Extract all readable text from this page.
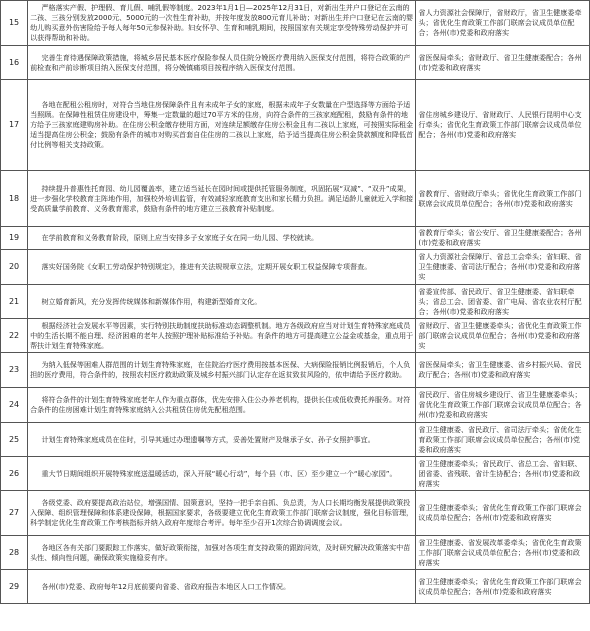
15	严格落实产假、护理假、育儿假、哺乳假等制度。2023年1月1日—2025年12月31日，对新出生并户口登记在云南的二孩、三孩分别发放2000元、5000元的一次性生育补助，并按年度发放800元育儿补助；对新出生并户口登记在云南的婴幼儿购买意外伤害险给予每人每年50元参保补助。妇女怀孕、生育和哺乳期间，按照国家有关规定享受特殊劳动保护并可以获得帮助和补助。	省人力资源社会保障厅，省财政厅，省卫生健康委牵头；省优化生育政策工作部门联席会议成员单位配合；各州(市)党委和政府落实

16	完善生育待遇保障政策措施，将城乡居民基本医疗保险参保人员住院分娩医疗费用纳入医保支付范围，将符合政策的产前检查和产前诊断项目纳入医保支付范围，将分娩镇痛项目按程序纳入医保支付范围。	省医保局牵头；省财政厅、省卫生健康委配合；各州(市)党委和政府落实

17	各地在配租公租房时，对符合当地住房保障条件且有未成年子女的家庭，根据未成年子女数量在户型选择等方面给予适当照顾。在保障性租赁住房建设中，筹集一定数量的超过70平方米的住房，向符合条件的三孩家庭配租，鼓励有条件的地方给予三孩家庭建购房补助。在住房公积金缴存使用方面，对连续足额缴存住房公积金且有二孩以上家庭，可按照实际租金适当提高住房公积金；鼓励有条件的城市对购买首套自住住房的二孩以上家庭，给予适当提高住房公积金贷款额度和降低首付比例等相关支持政策。	省住房城乡建设厅、省财政厅、人民银行昆明中心支行牵头；省优化生育政策工作部门联席会议成员单位配合；各州(市)党委和政府落实

18	持续提升普惠性托育园、幼儿园覆盖率，建立适当延长在园时间或提供托管服务制度，巩固拓展“双减”、“双升”成果，进一步强化学校教育主阵地作用，加强校外培训监管，有效减轻家庭教育支出和家长精力负担。满足适龄儿童就近入学和接受高质量学前教育、义务教育需求，鼓励有条件的地方建立三孩教育补贴制度。	省教育厅、省财政厅牵头；省优化生育政策工作部门联席会议成员单位配合；各州(市)党委和政府落实

19	在学前教育和义务教育阶段，原则上应当安排多子女家庭子女在同一幼儿园、学校就读。	省教育厅牵头；省公安厅、省卫生健康委配合；各州(市)党委和政府落实

20	落实好国务院《女职工劳动保护特别规定》，推进有关法规规章立法，定期开展女职工权益保障专项督查。	省人力资源社会保障厅、省总工会牵头；省妇联、省卫生健康委、省司法厅配合；各州(市)党委和政府落实

21	树立婚育新风，充分发挥传统媒体和新媒体作用，构建新型婚育文化。	省委宣传部、省民政厅、省卫生健康委、省妇联牵头；省总工会、团省委、省广电局、省农业农村厅配合；各州(市)党委和政府落实

22	根据经济社会发展水平等因素，实行特别扶助制度扶助标准动态调整机制。地方各级政府应当对计划生育特殊家庭成员中的生活长期不能自理、经济困难的老年人按照护理补贴标准给予补贴。有条件的地方可提高建立公益金或基金，重点用于帮扶计划生育特殊家庭。	省财政厅、省卫生健康委牵头；省优化生育政策工作部门联席会议成员单位配合；各州(市)党委和政府落实

23	为纳入低保等困难人群范围的计划生育特殊家庭，在住院治疗医疗费用按基本医保、大病保险报销比例报销后，个人负担的医疗费用，符合条件的，按照农村医疗救助政策及城乡村振兴部门认定存在返贫致贫风险的，依申请给予医疗救助。	省医保局牵头；省卫生健康委、省乡村振兴局、省民政厅配合；各州(市)党委和政府落实

24	将符合条件的计划生育特殊家庭老年人作为重点群体，优先安排入住公办养老机构，提供长住或低收费托养服务。对符合条件的住房困难计划生育特殊家庭纳入公共租赁住房优先配租范围。	省民政厅、省住房城乡建设厅、省卫生健康委牵头；省优化生育政策工作部门联席会议成员单位配合；各州(市)党委和政府落实

25	计划生育特殊家庭成员在住时，引导其通过办理遗嘱等方式，妥善处置财产及继承子女、孙子女照护事宜。	省卫生健康委、省民政厅、省司法厅牵头；省优化生育政策工作部门联席会议成员单位配合；各州(市)党委和政府落实

26	重大节日期间组织开展特殊家庭送温暖活动，深入开展“暖心行动”，每个县（市、区）至少建立一个“暖心家园”。	省卫生健康委牵头；省民政厅、省总工会、省妇联、团省委、省残联、省计生协配合；各州(市)党委和政府落实

27	各级党委、政府要提高政治站位，增强国情、国策意识，坚持一把手亲自抓、负总责，为人口长期均衡发展提供政策投入保障、组织管理保障和体系建设保障，根据国家要求，各级要建立优化生育政策工作部门联席会议制度，强化目标管理，科学制定优化生育政策工作考核指标并纳入政府年度综合考评。每年至少召开1次综合协调调度会议。	省卫生健康委牵头；省优化生育政策工作部门联席会议成员单位配合；各州(市)党委和政府落实

28	各地区各有关部门要跟踪工作落实，做好政策衔接，加强对各项生育支持政策的跟踪问效，及时研究解决政策落实中苗头性、倾向性问题，确保政策实施稳妥有序。	省卫生健康委、省发展改革委牵头；省优化生育政策工作部门联席会议成员单位配合；各州(市)党委和政府落实

29	各州(市)党委、政府每年12月底前要向省委、省政府报告本地区人口工作情况。	省卫生健康委牵头；省优化生育政策工作部门联席会议成员单位配合；各州(市)党委和政府落实
